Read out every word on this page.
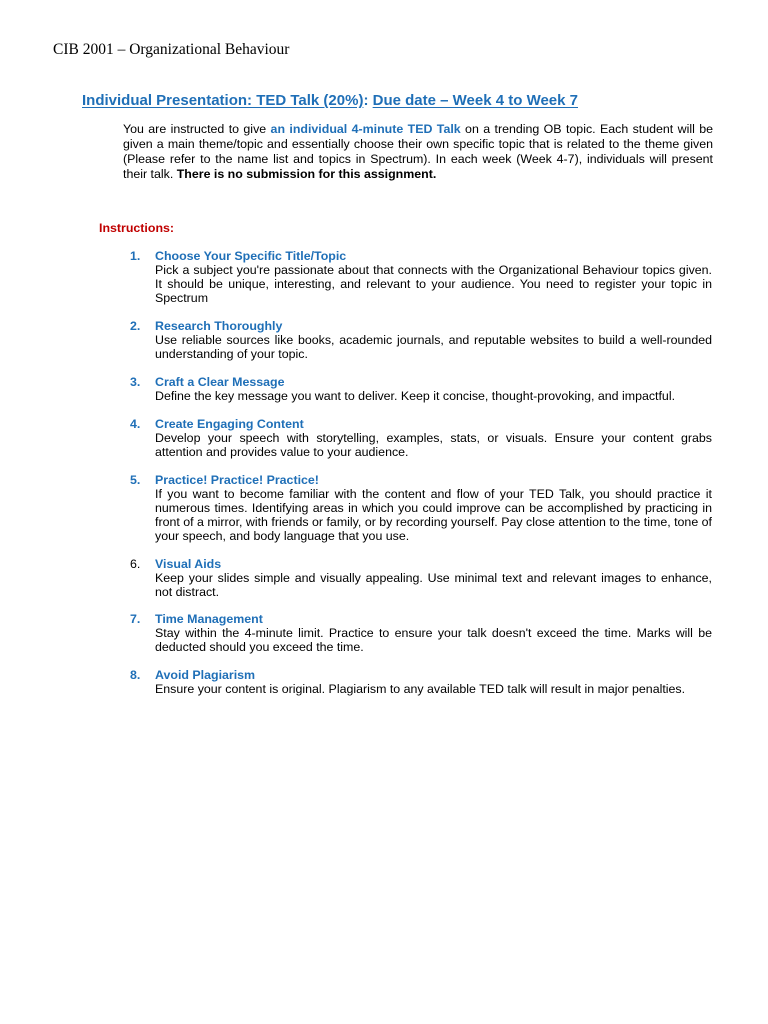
CIB 2001 – Organizational Behaviour
Individual Presentation: TED Talk (20%): Due date – Week 4 to Week 7
You are instructed to give an individual 4-minute TED Talk on a trending OB topic. Each student will be given a main theme/topic and essentially choose their own specific topic that is related to the theme given (Please refer to the name list and topics in Spectrum). In each week (Week 4-7), individuals will present their talk. There is no submission for this assignment.
Instructions:
1.	Choose Your Specific Title/Topic
Pick a subject you're passionate about that connects with the Organizational Behaviour topics given. It should be unique, interesting, and relevant to your audience. You need to register your topic in Spectrum
2.	Research Thoroughly
Use reliable sources like books, academic journals, and reputable websites to build a well-rounded understanding of your topic.
3.	Craft a Clear Message
Define the key message you want to deliver. Keep it concise, thought-provoking, and impactful.
4.	Create Engaging Content
Develop your speech with storytelling, examples, stats, or visuals. Ensure your content grabs attention and provides value to your audience.
5.	Practice! Practice! Practice!
If you want to become familiar with the content and flow of your TED Talk, you should practice it numerous times. Identifying areas in which you could improve can be accomplished by practicing in front of a mirror, with friends or family, or by recording yourself. Pay close attention to the time, tone of your speech, and body language that you use.
6.	Visual Aids
Keep your slides simple and visually appealing. Use minimal text and relevant images to enhance, not distract.
7.	Time Management
Stay within the 4-minute limit. Practice to ensure your talk doesn't exceed the time. Marks will be deducted should you exceed the time.
8.	Avoid Plagiarism
Ensure your content is original. Plagiarism to any available TED talk will result in major penalties.
